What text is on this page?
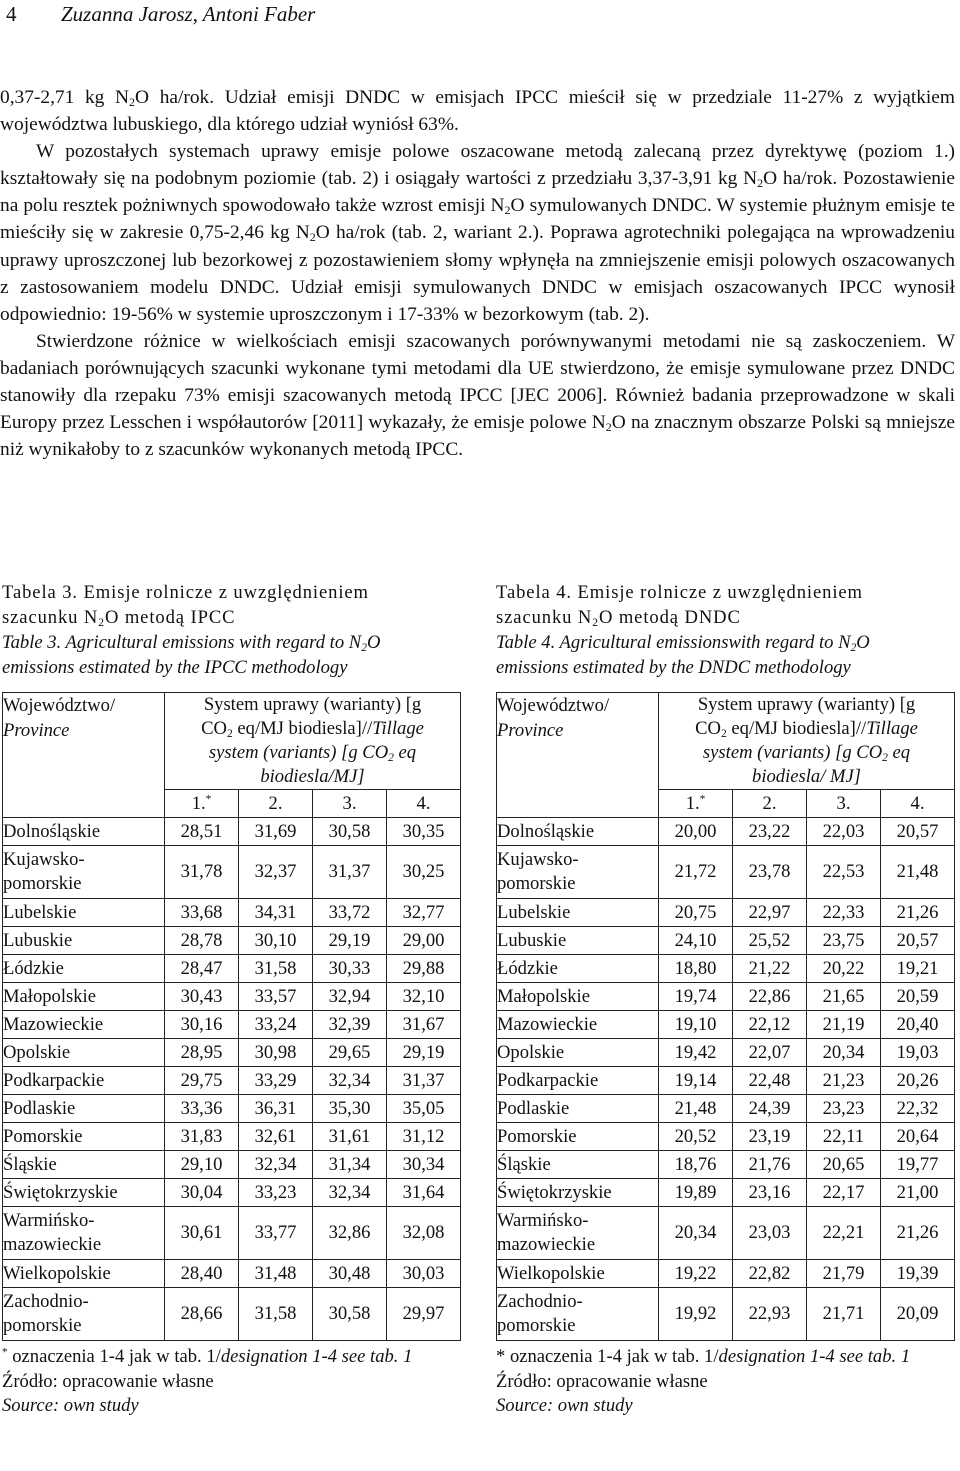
4 Zuzanna Jarosz, Antoni Faber

0,37-2,71 kg $N_2O$ ha/rok. Udział emisji DNDC w emisjach IPCC mieścił się w przedziale 11-27% z wyjątkiem województwa lubuskiego, dla którego udział wyniósł 63%.

W pozostałych systemach uprawy emisje polowe oszacowane metodą zalecaną przez dyrektywę (poziom 1.) kształtowały się na podobnym poziomie (tab. 2) i osiągały wartości z przedziału 3,37-3,91 kg $N_2O$ ha/rok. Pozostawienie na polu resztek pożniwnych spowodowało także wzrost emisji $N_2O$ symulowanych DNDC. W systemie płużnym emisje te mieściły się w zakresie 0,75-2,46 kg $N_2O$ ha/rok (tab. 2, wariant 2.). Poprawa agrotechniki polegająca na wprowadzeniu uprawy uproszczonej lub bezorkowej z pozostawieniem słomy wpłynęła na zmniejszenie emisji polowych oszacowanych z zastosowaniem modelu DNDC. Udział emisji symulowanych DNDC w emisjach oszacowanych IPCC wynosił odpowiednio: 19-56% w systemie uproszczonym i 17-33% w bezorkowym (tab. 2).

Stwierdzone różnice w wielkościach emisji szacowanych porównywanymi metodami nie są zaskoczeniem. W badaniach porównujących szacunki wykonane tymi metodami dla UE stwierdzono, że emisje symulowane przez DNDC stanowiły dla rzepaku 73% emisji szacowanych metodą IPCC [JEC 2006]. Również badania przeprowadzone w skali Europy przez Lesschen i współautorów [2011] wykazały, że emisje polowe $N_2O$ na znacznym obszarze Polski są mniejsze niż wynikałoby to z szacunków wykonanych metodą IPCC.

Tabela 3. Emisje rolnicze z uwzględnieniem
szacunku $N_2O$ metodą IPCC
Table 3. Agricultural emissions with regard to $N_2O$
emissions estimated by the IPCC methodology
Województwo/
Province	System uprawy (warianty) [g
$CO_2$ eq/MJ biodiesla]//Tillage
system (variants) [g $CO_2$ eq
biodiesla/MJ]			
	1.*	2.	3.	4.
Dolnośląskie	28,51	31,69	30,58	30,35
Kujawsko-
pomorskie	31,78	32,37	31,37	30,25
Lubelskie	33,68	34,31	33,72	32,77
Lubuskie	28,78	30,10	29,19	29,00
Łódzkie	28,47	31,58	30,33	29,88
Małopolskie	30,43	33,57	32,94	32,10
Mazowieckie	30,16	33,24	32,39	31,67
Opolskie	28,95	30,98	29,65	29,19
Podkarpackie	29,75	33,29	32,34	31,37
Podlaskie	33,36	36,31	35,30	35,05
Pomorskie	31,83	32,61	31,61	31,12
Śląskie	29,10	32,34	31,34	30,34
Świętokrzyskie	30,04	33,23	32,34	31,64
Warmińsko-
mazowieckie	30,61	33,77	32,86	32,08
Wielkopolskie	28,40	31,48	30,48	30,03
Zachodnio-
pomorskie	28,66	31,58	30,58	29,97
* oznaczenia 1-4 jak w tab. 1/designation 1-4 see tab. 1
Źródło: opracowanie własne
Source: own study
Tabela 4. Emisje rolnicze z uwzględnieniem
szacunku $N_2O$ metodą DNDC
Table 4. Agricultural emissionswith regard to $N_2O$
emissions estimated by the DNDC methodology
Województwo/
Province	System uprawy (warianty) [g
$CO_2$ eq/MJ biodiesla]//Tillage
system (variants) [g $CO_2$ eq
biodiesla/ MJ]			
	1.*	2.	3.	4.
Dolnośląskie	20,00	23,22	22,03	20,57
Kujawsko-
pomorskie	21,72	23,78	22,53	21,48
Lubelskie	20,75	22,97	22,33	21,26
Lubuskie	24,10	25,52	23,75	20,57
Łódzkie	18,80	21,22	20,22	19,21
Małopolskie	19,74	22,86	21,65	20,59
Mazowieckie	19,10	22,12	21,19	20,40
Opolskie	19,42	22,07	20,34	19,03
Podkarpackie	19,14	22,48	21,23	20,26
Podlaskie	21,48	24,39	23,23	22,32
Pomorskie	20,52	23,19	22,11	20,64
Śląskie	18,76	21,76	20,65	19,77
Świętokrzyskie	19,89	23,16	22,17	21,00
Warmińsko-
mazowieckie	20,34	23,03	22,21	21,26
Wielkopolskie	19,22	22,82	21,79	19,39
Zachodnio-
pomorskie	19,92	22,93	21,71	20,09
* oznaczenia 1-4 jak w tab. 1/designation 1-4 see tab. 1
Źródło: opracowanie własne
Source: own study
